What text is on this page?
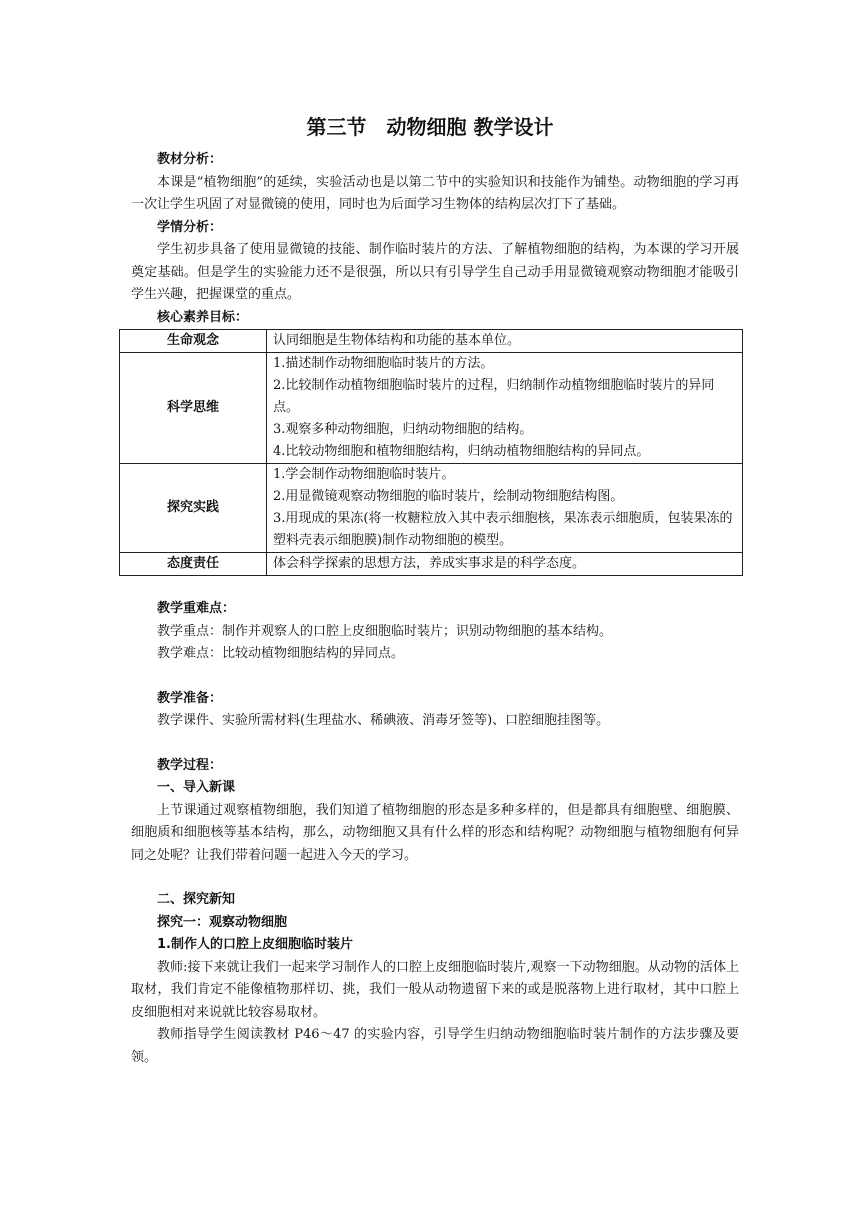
第三节　动物细胞 教学设计

教材分析：

本课是“植物细胞”的延续，实验活动也是以第二节中的实验知识和技能作为铺垫。动物细胞的学习再一次让学生巩固了对显微镜的使用，同时也为后面学习生物体的结构层次打下了基础。

学情分析：

学生初步具备了使用显微镜的技能、制作临时装片的方法、了解植物细胞的结构，为本课的学习开展奠定基础。但是学生的实验能力还不是很强，所以只有引导学生自己动手用显微镜观察动物细胞才能吸引学生兴趣，把握课堂的重点。

核心素养目标：

生命观念	认同细胞是生物体结构和功能的基本单位。

科学思维	1.描述制作动物细胞临时装片的方法。
2.比较制作动植物细胞临时装片的过程，归纳制作动植物细胞临时装片的异同点。
3.观察多种动物细胞，归纳动物细胞的结构。
4.比较动物细胞和植物细胞结构，归纳动植物细胞结构的异同点。

探究实践	1.学会制作动物细胞临时装片。
2.用显微镜观察动物细胞的临时装片，绘制动物细胞结构图。
3.用现成的果冻(将一枚糖粒放入其中表示细胞核，果冻表示细胞质，包装果冻的塑料壳表示细胞膜)制作动物细胞的模型。

态度责任	体会科学探索的思想方法，养成实事求是的科学态度。

教学重难点：

教学重点：制作并观察人的口腔上皮细胞临时装片；识别动物细胞的基本结构。

教学难点：比较动植物细胞结构的异同点。

教学准备：

教学课件、实验所需材料(生理盐水、稀碘液、消毒牙签等)、口腔细胞挂图等。

教学过程：

一、导入新课

上节课通过观察植物细胞，我们知道了植物细胞的形态是多种多样的，但是都具有细胞壁、细胞膜、细胞质和细胞核等基本结构，那么，动物细胞又具有什么样的形态和结构呢？动物细胞与植物细胞有何异同之处呢？让我们带着问题一起进入今天的学习。

二、探究新知

探究一：观察动物细胞

1.制作人的口腔上皮细胞临时装片

教师:接下来就让我们一起来学习制作人的口腔上皮细胞临时装片,观察一下动物细胞。从动物的活体上取材，我们肯定不能像植物那样切、挑，我们一般从动物遗留下来的或是脱落物上进行取材，其中口腔上皮细胞相对来说就比较容易取材。

教师指导学生阅读教材 P46～47 的实验内容，引导学生归纳动物细胞临时装片制作的方法步骤及要领。
